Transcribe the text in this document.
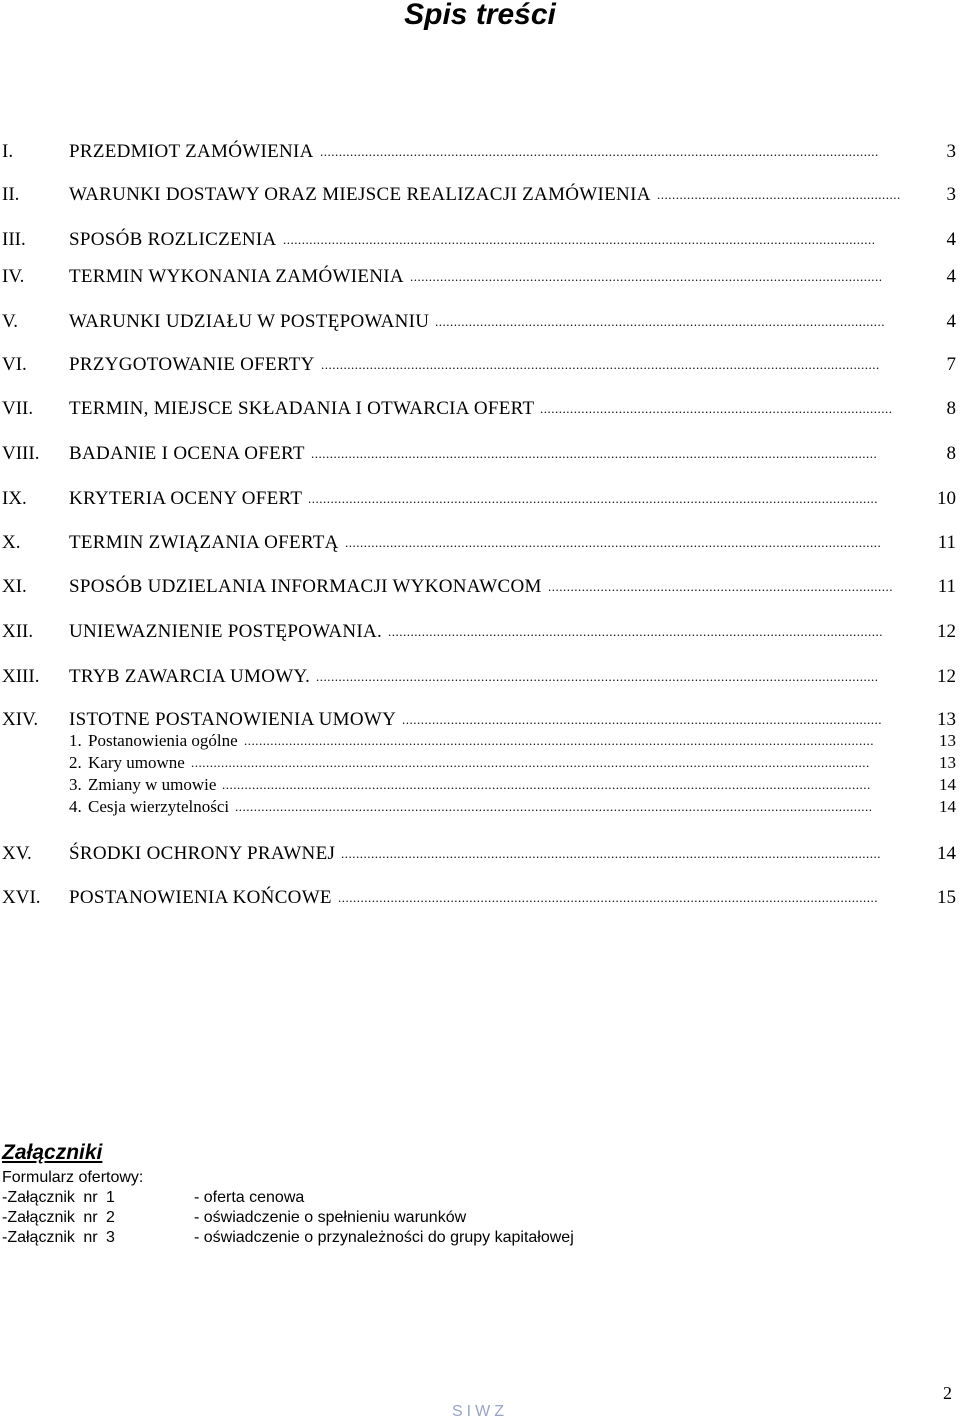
Spis treści
I.	PRZEDMIOT ZAMÓWIENIA .....................................................................................................................................................	3
II.	WARUNKI DOSTAWY ORAZ MIEJSCE REALIZACJI ZAMÓWIENIA ................................................................. 3
III. SPOSÓB ROZLICZENIA ..............................................................................................................................................................	4
IV. TERMIN WYKONANIA ZAMÓWIENIA ..............................................................................................................................	4
V.	WARUNKI UDZIAŁU W POSTĘPOWANIU ........................................................................................................................	4
VI. PRZYGOTOWANIE OFERTY .....................................................................................................................................................	7
VII. TERMIN, MIEJSCE SKŁADANIA I OTWARCIA OFERT ..............................................................................................	8
VIII. BADANIE I OCENA OFERT .......................................................................................................................................................	8
IX. KRYTERIA OCENY OFERT ........................................................................................................................................................	10
X.	TERMIN ZWIĄZANIA OFERTĄ ...............................................................................................................................................	11
XI. SPOSÓB UDZIELANIA INFORMACJI WYKONAWCOM ............................................................................................	11
XII. UNIEWAZNIENIE POSTĘPOWANIA. ....................................................................................................................................	12
XIII. TRYB ZAWARCIA UMOWY. ......................................................................................................................................................	12
XIV. ISTOTNE POSTANOWIENIA UMOWY ................................................................................................................................	13
1. Postanowienia ogólne ........................................................................................................................................................................	13
2. Kary umowne .....................................................................................................................................................................................	13
3. Zmiany w umowie .............................................................................................................................................................................	14
4. Cesja wierzytelności ..........................................................................................................................................................................	14
XV. ŚRODKI OCHRONY PRAWNEJ ................................................................................................................................................	14
XVI. POSTANOWIENIA KOŃCOWE ................................................................................................................................................	15
Załączniki
Formularz ofertowy:
-Załącznik nr 1	- oferta cenowa
-Załącznik nr 2	- oświadczenie o spełnieniu warunków
-Załącznik nr 3	- oświadczenie o przynależności do grupy kapitałowej
SIWZ
2
